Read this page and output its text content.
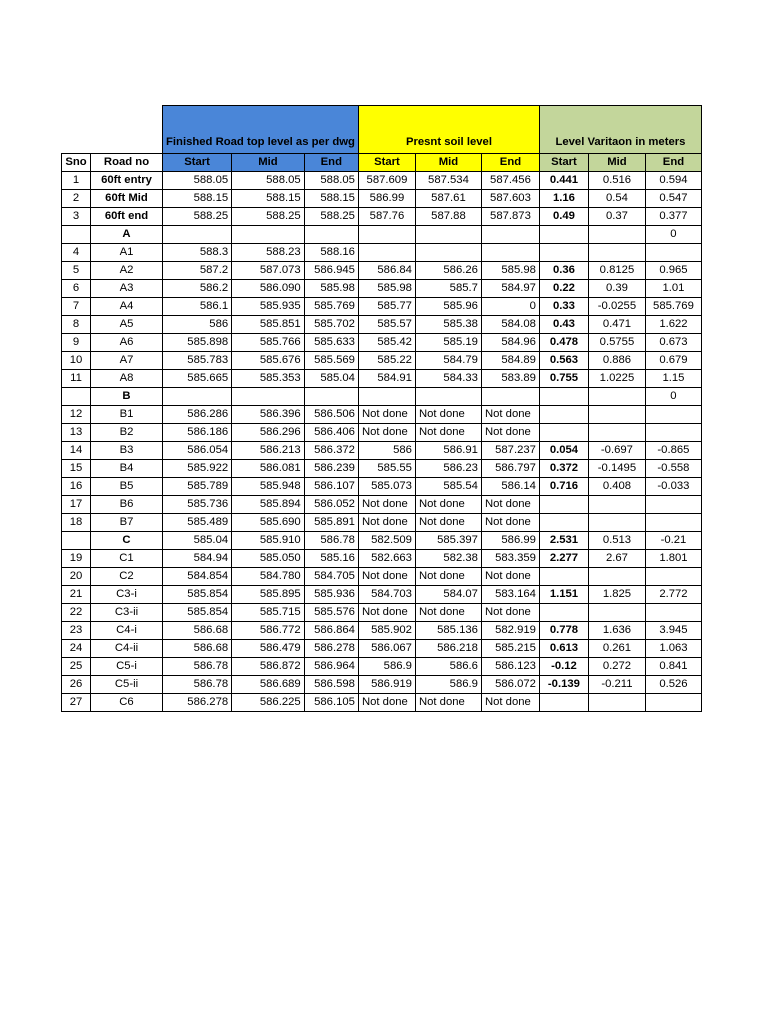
		Finished Road top level as per dwg			Presnt soil level			Level Varitaon in meters		
Sno	Road no	Start	Mid	End	Start	Mid	End	Start	Mid	End
1	60ft entry	588.05	588.05	588.05	587.609	587.534	587.456	0.441	0.516	0.594
2	60ft Mid	588.15	588.15	588.15	586.99	587.61	587.603	1.16	0.54	0.547
3	60ft end	588.25	588.25	588.25	587.76	587.88	587.873	0.49	0.37	0.377
	A									0
4	A1	588.3	588.23	588.16						
5	A2	587.2	587.073	586.945	586.84	586.26	585.98	0.36	0.8125	0.965
6	A3	586.2	586.090	585.98	585.98	585.7	584.97	0.22	0.39	1.01
7	A4	586.1	585.935	585.769	585.77	585.96	0	0.33	-0.0255	585.769
8	A5	586	585.851	585.702	585.57	585.38	584.08	0.43	0.471	1.622
9	A6	585.898	585.766	585.633	585.42	585.19	584.96	0.478	0.5755	0.673
10	A7	585.783	585.676	585.569	585.22	584.79	584.89	0.563	0.886	0.679
11	A8	585.665	585.353	585.04	584.91	584.33	583.89	0.755	1.0225	1.15
	B									0
12	B1	586.286	586.396	586.506	Not done	Not done	Not done			
13	B2	586.186	586.296	586.406	Not done	Not done	Not done			
14	B3	586.054	586.213	586.372	586	586.91	587.237	0.054	-0.697	-0.865
15	B4	585.922	586.081	586.239	585.55	586.23	586.797	0.372	-0.1495	-0.558
16	B5	585.789	585.948	586.107	585.073	585.54	586.14	0.716	0.408	-0.033
17	B6	585.736	585.894	586.052	Not done	Not done	Not done			
18	B7	585.489	585.690	585.891	Not done	Not done	Not done			
	C	585.04	585.910	586.78	582.509	585.397	586.99	2.531	0.513	-0.21
19	C1	584.94	585.050	585.16	582.663	582.38	583.359	2.277	2.67	1.801
20	C2	584.854	584.780	584.705	Not done	Not done	Not done			
21	C3-i	585.854	585.895	585.936	584.703	584.07	583.164	1.151	1.825	2.772
22	C3-ii	585.854	585.715	585.576	Not done	Not done	Not done			
23	C4-i	586.68	586.772	586.864	585.902	585.136	582.919	0.778	1.636	3.945
24	C4-ii	586.68	586.479	586.278	586.067	586.218	585.215	0.613	0.261	1.063
25	C5-i	586.78	586.872	586.964	586.9	586.6	586.123	-0.12	0.272	0.841
26	C5-ii	586.78	586.689	586.598	586.919	586.9	586.072	-0.139	-0.211	0.526
27	C6	586.278	586.225	586.105	Not done	Not done	Not done			
